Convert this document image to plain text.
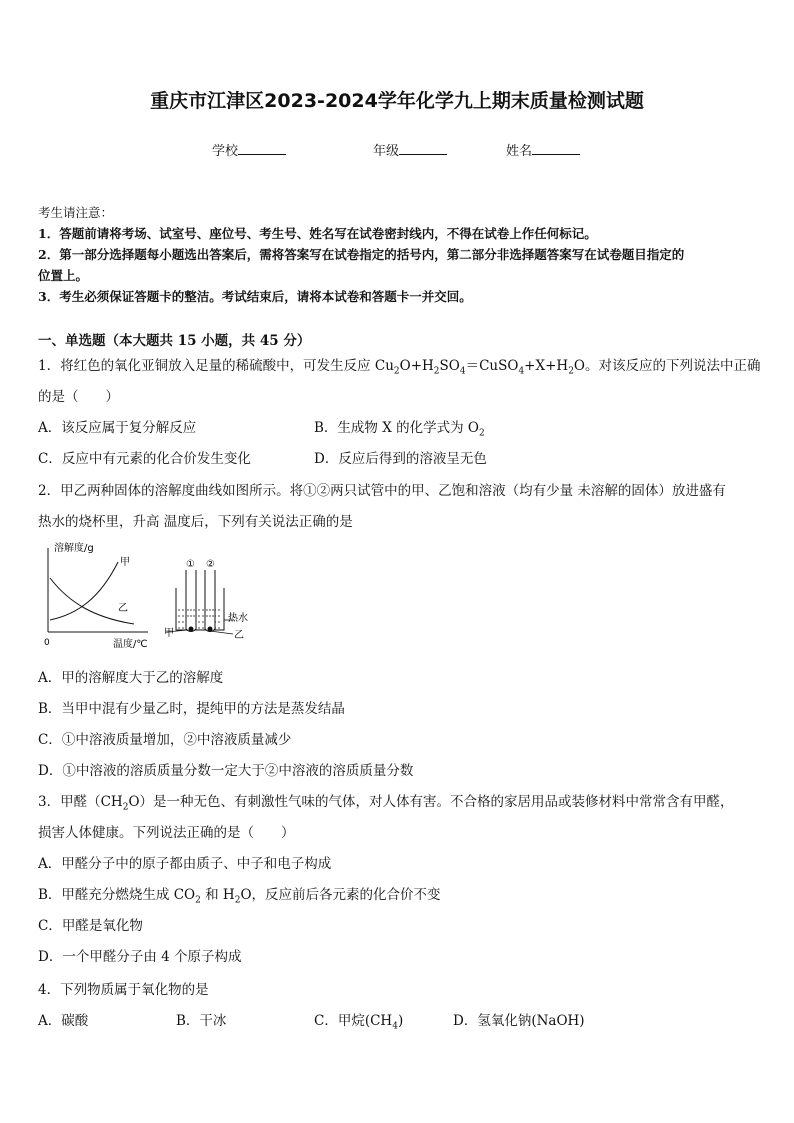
重庆市江津区2023-2024学年化学九上期末质量检测试题
学校	年级	姓名
考生请注意：
1．答题前请将考场、试室号、座位号、考生号、姓名写在试卷密封线内，不得在试卷上作任何标记。
2．第一部分选择题每小题选出答案后，需将答案写在试卷指定的括号内，第二部分非选择题答案写在试卷题目指定的
位置上。
3．考生必须保证答题卡的整洁。考试结束后，请将本试卷和答题卡一并交回。
一、单选题（本大题共 15 小题，共 45 分）
1．将红色的氧化亚铜放入足量的稀硫酸中，可发生反应 $Cu_2O+H_2SO_4=CuSO_4+X+H_2O$。对该反应的下列说法中正确
的是（　　）
A．该反应属于复分解反应	B．生成物 X 的化学式为 $O_2$
C．反应中有元素的化合价发生变化	D．反应后得到的溶液呈无色
2．甲乙两种固体的溶解度曲线如图所示。将①②两只试管中的甲、乙饱和溶液（均有少量 未溶解的固体）放进盛有
热水的烧杯里，升高 温度后，下列有关说法正确的是
溶解度/g
温度/℃
0
甲
乙
① ②
热水
甲	乙
A．甲的溶解度大于乙的溶解度
B．当甲中混有少量乙时，提纯甲的方法是蒸发结晶
C．①中溶液质量增加，②中溶液质量减少
D．①中溶液的溶质质量分数一定大于②中溶液的溶质质量分数
3．甲醛$(CH_2O)$是一种无色、有刺激性气味的气体，对人体有害。不合格的家居用品或装修材料中常常含有甲醛，
损害人体健康。下列说法正确的是（　　）
A．甲醛分子中的原子都由质子、中子和电子构成
B．甲醛充分燃烧生成 $CO_2$ 和 $H_2O$，反应前后各元素的化合价不变
C．甲醛是氧化物
D．一个甲醛分子由 4 个原子构成
4．下列物质属于氧化物的是
A．碳酸	B．干冰	C．甲烷$(CH_4)$	D．氢氧化钠(NaOH)
